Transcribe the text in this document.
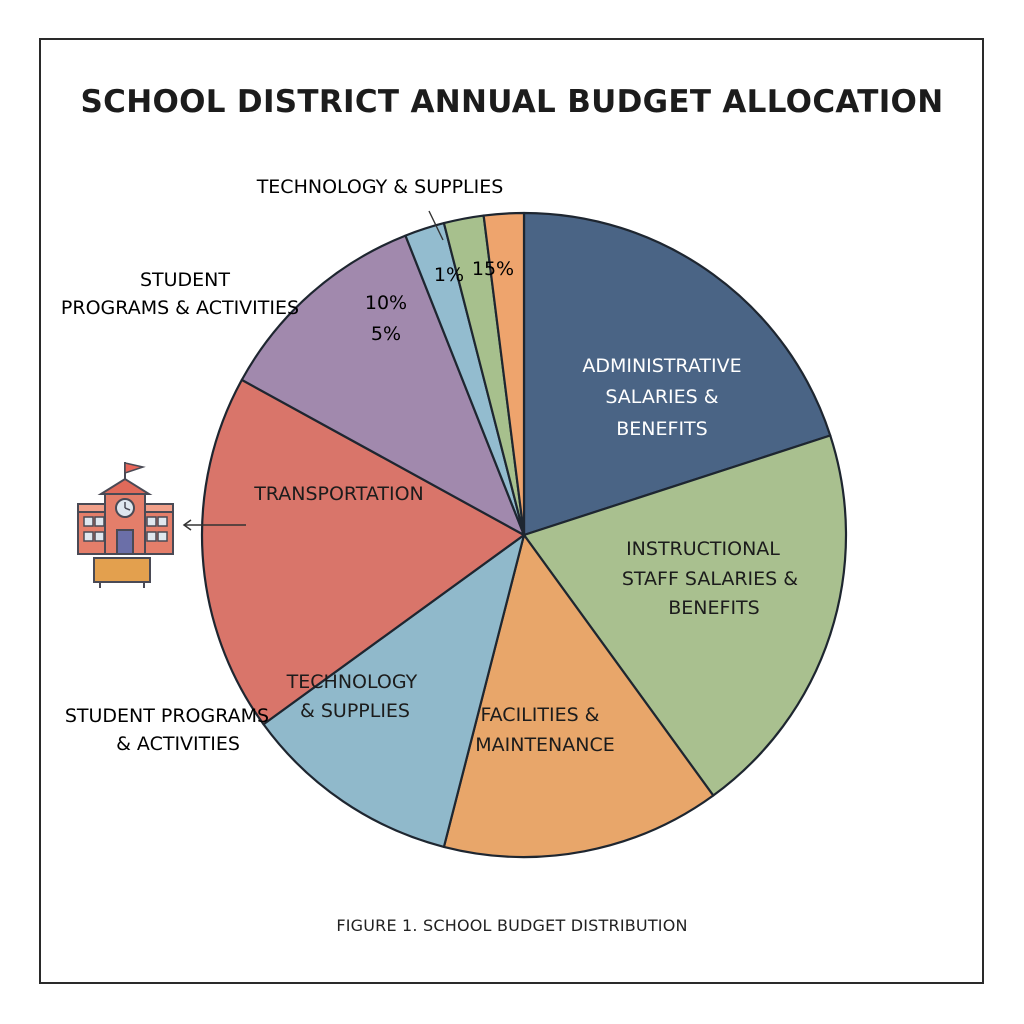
SCHOOL DISTRICT ANNUAL BUDGET ALLOCATION
ADMINISTRATIVE SALARIES & BENEFITS
INSTRUCTIONAL STAFF SALARIES & BENEFITS
FACILITIES & MAINTENANCE
TECHNOLOGY & SUPPLIES
TRANSPORTATION
10%
5%
1% 15%
TECHNOLOGY & SUPPLIES
STUDENT PROGRAMS & ACTIVITIES
STUDENT PROGRAMS & ACTIVITIES
FIGURE 1. SCHOOL BUDGET DISTRIBUTION
